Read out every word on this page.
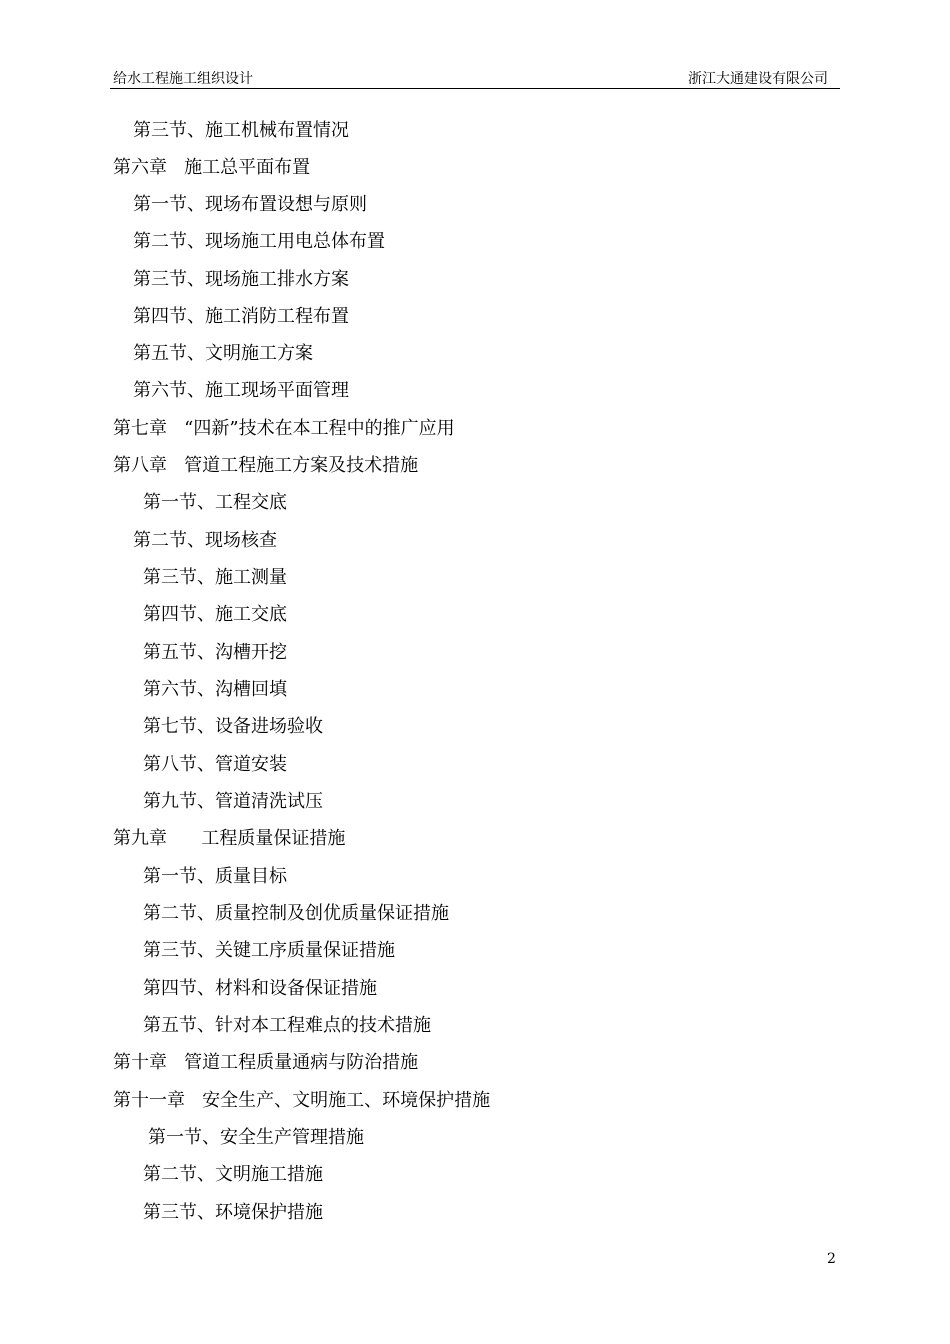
给水工程施工组织设计	浙江大通建设有限公司
第三节、施工机械布置情况
第六章   施工总平面布置
第一节、现场布置设想与原则
第二节、现场施工用电总体布置
第三节、现场施工排水方案
第四节、施工消防工程布置
第五节、文明施工方案
第六节、施工现场平面管理
第七章   “四新”技术在本工程中的推广应用
第八章   管道工程施工方案及技术措施
第一节、工程交底
第二节、现场核查
第三节、施工测量
第四节、施工交底
第五节、沟槽开挖
第六节、沟槽回填
第七节、设备进场验收
第八节、管道安装
第九节、管道清洗试压
第九章      工程质量保证措施
第一节、质量目标
第二节、质量控制及创优质量保证措施
第三节、关键工序质量保证措施
第四节、材料和设备保证措施
第五节、针对本工程难点的技术措施
第十章   管道工程质量通病与防治措施
第十一章   安全生产、文明施工、环境保护措施
第一节、安全生产管理措施
第二节、文明施工措施
第三节、环境保护措施
2
